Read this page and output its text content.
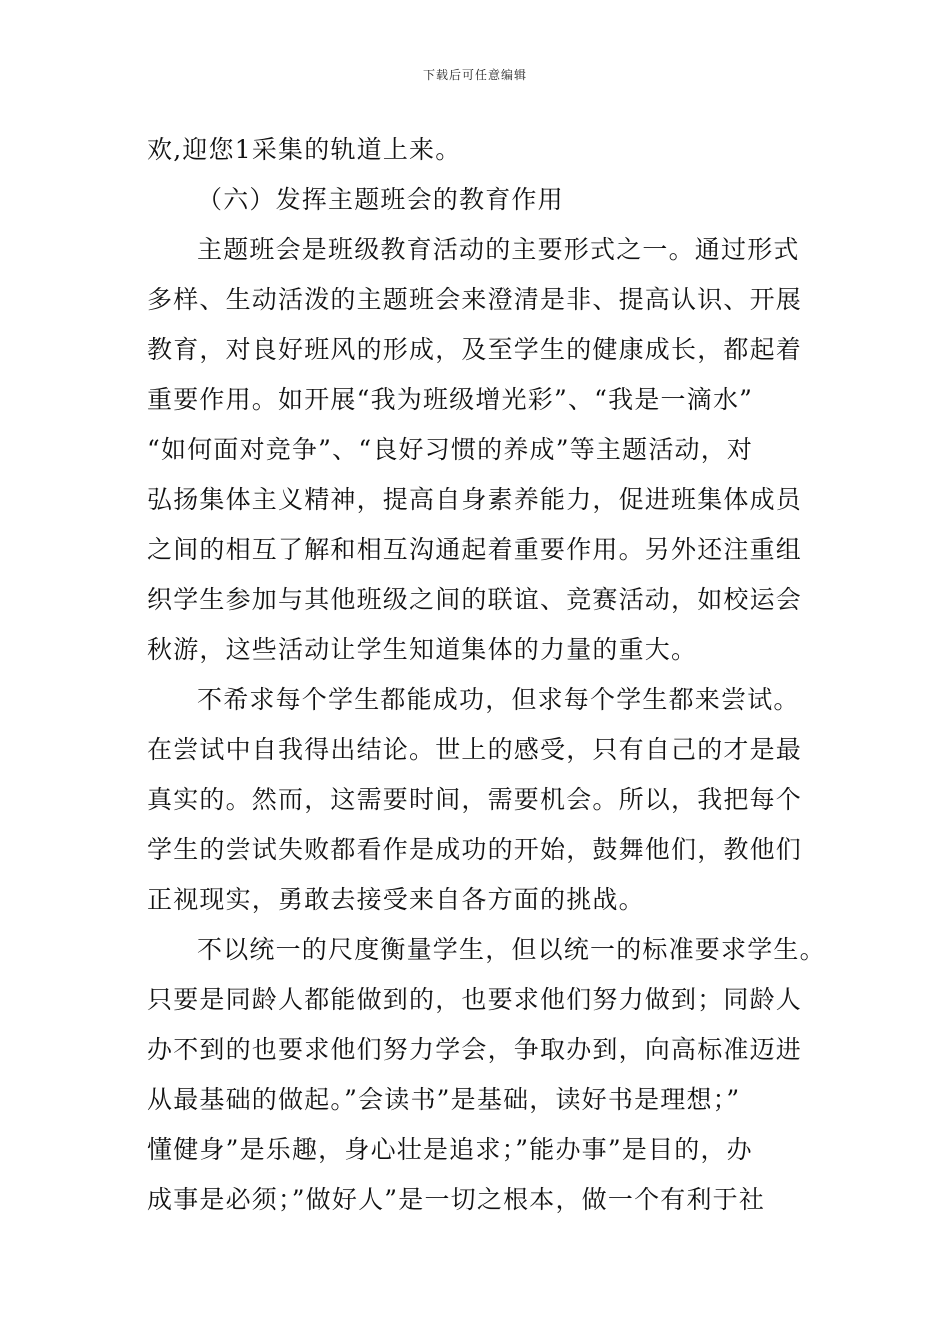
下载后可任意编辑
欢,迎您1采集的轨道上来。
（六）发挥主题班会的教育作用
主题班会是班级教育活动的主要形式之一。通过形式
多样、生动活泼的主题班会来澄清是非、提高认识、开展
教育，对良好班风的形成，及至学生的健康成长，都起着
重要作用。如开展“我为班级增光彩”、“我是一滴水”
“如何面对竞争”、“良好习惯的养成”等主题活动，对
弘扬集体主义精神，提高自身素养能力，促进班集体成员
之间的相互了解和相互沟通起着重要作用。另外还注重组
织学生参加与其他班级之间的联谊、竞赛活动，如校运会
秋游，这些活动让学生知道集体的力量的重大。
不希求每个学生都能成功，但求每个学生都来尝试。
在尝试中自我得出结论。世上的感受，只有自己的才是最
真实的。然而，这需要时间，需要机会。所以，我把每个
学生的尝试失败都看作是成功的开始，鼓舞他们，教他们
正视现实，勇敢去接受来自各方面的挑战。
不以统一的尺度衡量学生，但以统一的标准要求学生。
只要是同龄人都能做到的，也要求他们努力做到；同龄人
办不到的也要求他们努力学会，争取办到，向高标准迈进
从最基础的做起。”会读书”是基础，读好书是理想；”
懂健身”是乐趣，身心壮是追求；”能办事”是目的，办
成事是必须；”做好人”是一切之根本，做一个有利于社
